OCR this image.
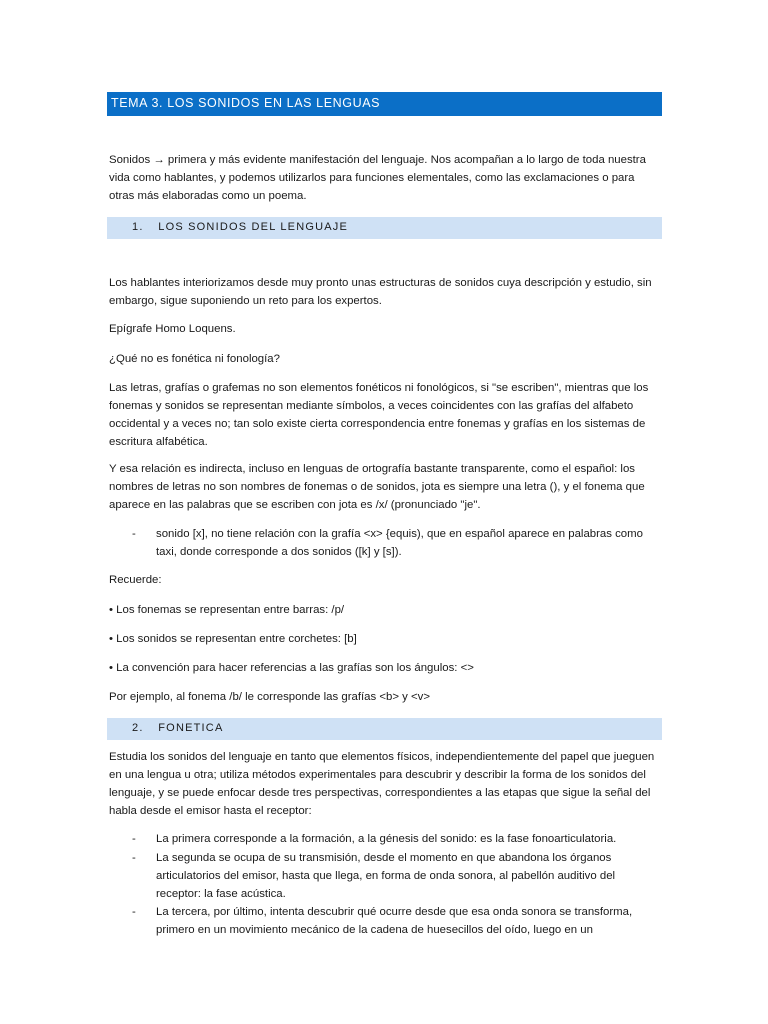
TEMA 3. LOS SONIDOS EN LAS LENGUAS

Sonidos → primera y más evidente manifestación del lenguaje. Nos acompañan a lo largo de toda nuestra vida como hablantes, y podemos utilizarlos para funciones elementales, como las exclamaciones o para otras más elaboradas como un poema.

1. LOS SONIDOS DEL LENGUAJE

Los hablantes interiorizamos desde muy pronto unas estructuras de sonidos cuya descripción y estudio, sin embargo, sigue suponiendo un reto para los expertos.

Epígrafe Homo Loquens.

¿Qué no es fonética ni fonología?

Las letras, grafías o grafemas no son elementos fonéticos ni fonológicos, si "se escriben", mientras que los fonemas y sonidos se representan mediante símbolos, a veces coincidentes con las grafías del alfabeto occidental y a veces no; tan solo existe cierta correspondencia entre fonemas y grafías en los sistemas de escritura alfabética.

Y esa relación es indirecta, incluso en lenguas de ortografía bastante transparente, como el español: los nombres de letras no son nombres de fonemas o de sonidos, jota es siempre una letra (), y el fonema que aparece en las palabras que se escriben con jota es /x/ (pronunciado "je".

- sonido [x], no tiene relación con la grafía <x> {equis), que en español aparece en palabras como taxi, donde corresponde a dos sonidos ([k] y [s]).

Recuerde:

• Los fonemas se representan entre barras: /p/

• Los sonidos se representan entre corchetes: [b]

• La convención para hacer referencias a las grafías son los ángulos: <>

Por ejemplo, al fonema /b/ le corresponde las grafías <b> y <v>

2. FONETICA

Estudia los sonidos del lenguaje en tanto que elementos físicos, independientemente del papel que jueguen en una lengua u otra; utiliza métodos experimentales para descubrir y describir la forma de los sonidos del lenguaje, y se puede enfocar desde tres perspectivas, correspondientes a las etapas que sigue la señal del habla desde el emisor hasta el receptor:

- La primera corresponde a la formación, a la génesis del sonido: es la fase fonoarticulatoria.
- La segunda se ocupa de su transmisión, desde el momento en que abandona los órganos articulatorios del emisor, hasta que llega, en forma de onda sonora, al pabellón auditivo del receptor: la fase acústica.
- La tercera, por último, intenta descubrir qué ocurre desde que esa onda sonora se transforma, primero en un movimiento mecánico de la cadena de huesecillos del oído, luego en un
